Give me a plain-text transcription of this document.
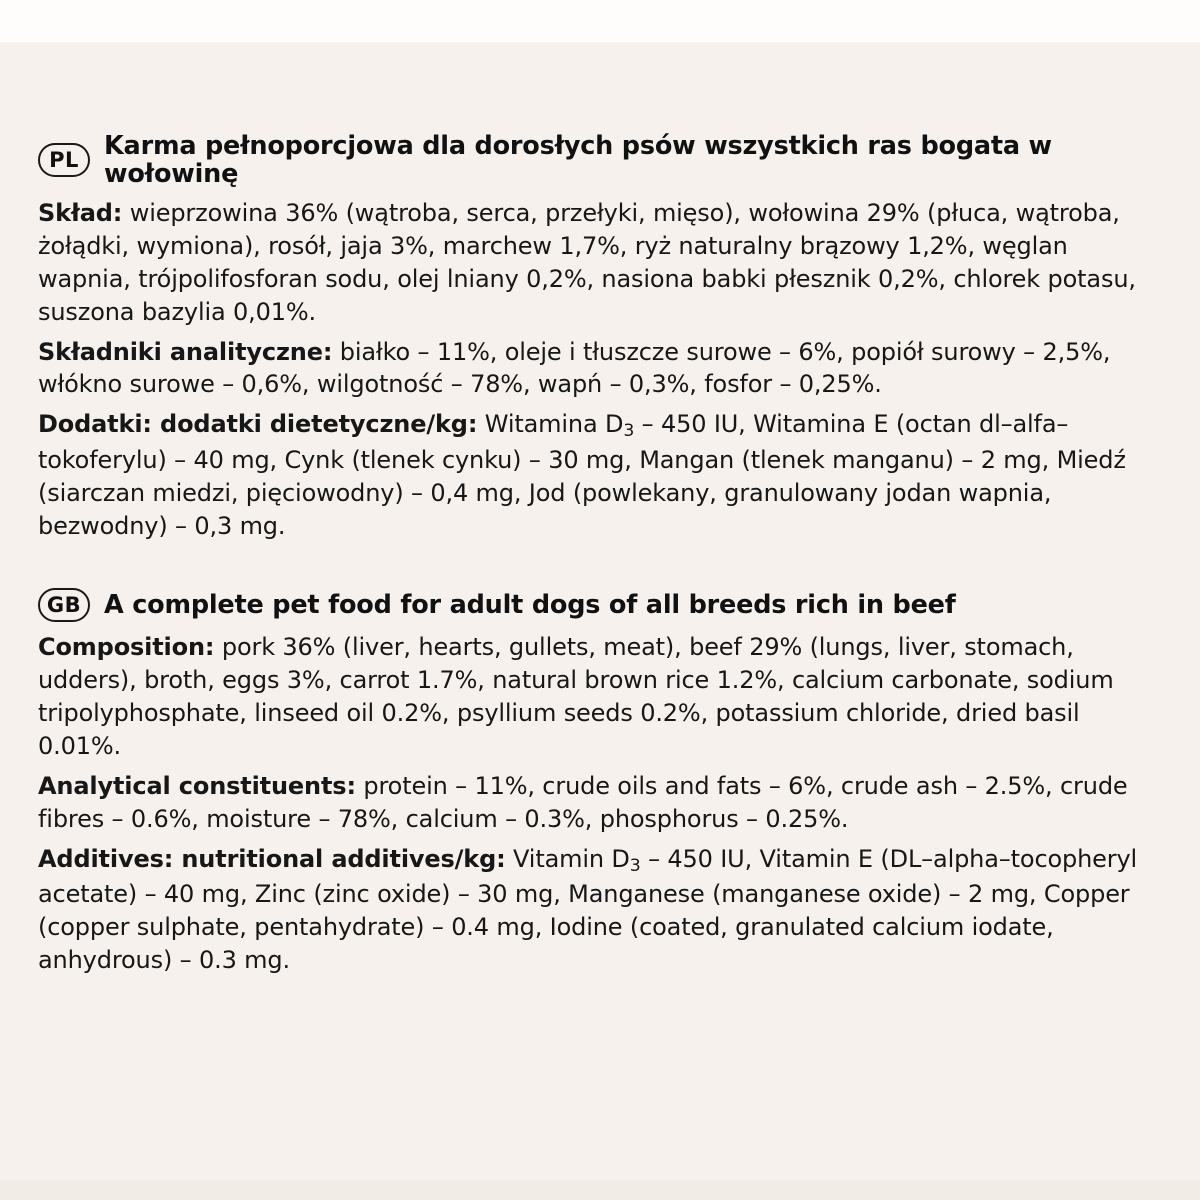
PL Karma pełnoporcjowa dla dorosłych psów wszystkich ras bogata w wołowinę

Skład: wieprzowina 36% (wątroba, serca, przełyki, mięso), wołowina 29% (płuca, wątroba, żołądki, wymiona), rosół, jaja 3%, marchew 1,7%, ryż naturalny brązowy 1,2%, węglan wapnia, trójpolifosforan sodu, olej lniany 0,2%, nasiona babki płesznik 0,2%, chlorek potasu, suszona bazylia 0,01%.

Składniki analityczne: białko – 11%, oleje i tłuszcze surowe – 6%, popiół surowy – 2,5%, włókno surowe – 0,6%, wilgotność – 78%, wapń – 0,3%, fosfor – 0,25%.

Dodatki: dodatki dietetyczne/kg: Witamina $D_3 - 450$ IU, Witamina E (octan dl–alfa–tokoferylu) – 40 mg, Cynk (tlenek cynku) – 30 mg, Mangan (tlenek manganu) – 2 mg, Miedź (siarczan miedzi, pięciowodny) – 0,4 mg, Jod (powlekany, granulowany jodan wapnia, bezwodny) – 0,3 mg.

GB A complete pet food for adult dogs of all breeds rich in beef

Composition: pork 36% (liver, hearts, gullets, meat), beef 29% (lungs, liver, stomach, udders), broth, eggs 3%, carrot 1.7%, natural brown rice 1.2%, calcium carbonate, sodium tripolyphosphate, linseed oil 0.2%, psyllium seeds 0.2%, potassium chloride, dried basil 0.01%.

Analytical constituents: protein – 11%, crude oils and fats – 6%, crude ash – 2.5%, crude fibres – 0.6%, moisture – 78%, calcium – 0.3%, phosphorus – 0.25%.

Additives: nutritional additives/kg: Vitamin $D_3 - 450$ IU, Vitamin E (DL–alpha–tocopheryl acetate) – 40 mg, Zinc (zinc oxide) – 30 mg, Manganese (manganese oxide) – 2 mg, Copper (copper sulphate, pentahydrate) – 0.4 mg, Iodine (coated, granulated calcium iodate, anhydrous) – 0.3 mg.
